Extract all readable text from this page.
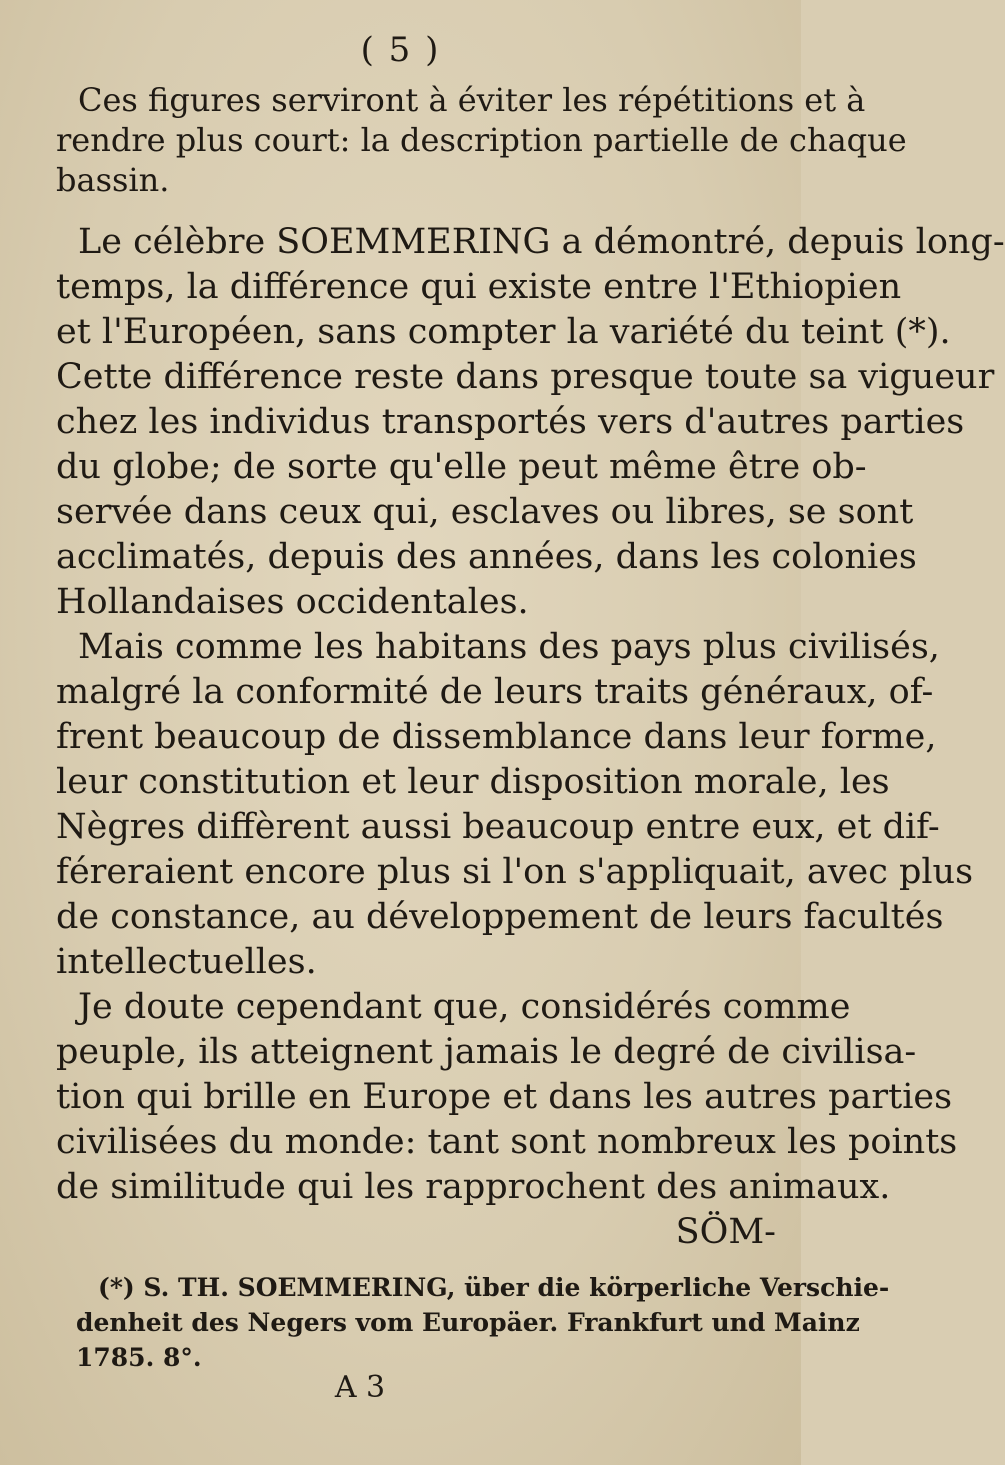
( 5 )
Ces figures serviront à éviter les répétitions et à
rendre plus court: la description partielle de chaque
bassin.
Le célèbre SOEMMERING a démontré, depuis long-
temps, la différence qui existe entre l'Ethiopien
et l'Européen, sans compter la variété du teint (*).
Cette différence reste dans presque toute sa vigueur
chez les individus transportés vers d'autres parties
du globe; de sorte qu'elle peut même être ob-
servée dans ceux qui, esclaves ou libres, se sont
acclimatés, depuis des années, dans les colonies
Hollandaises occidentales.
Mais comme les habitans des pays plus civilisés,
malgré la conformité de leurs traits généraux, of-
frent beaucoup de dissemblance dans leur forme,
leur constitution et leur disposition morale, les
Nègres diffèrent aussi beaucoup entre eux, et dif-
féreraient encore plus si l'on s'appliquait, avec plus
de constance, au développement de leurs facultés
intellectuelles.
Je doute cependant que, considérés comme
peuple, ils atteignent jamais le degré de civilisa-
tion qui brille en Europe et dans les autres parties
civilisées du monde: tant sont nombreux les points
de similitude qui les rapprochent des animaux.
SÖM-
(*) S. TH. SOEMMERING, über die körperliche Verschie-
denheit des Negers vom Europäer. Frankfurt und Mainz
1785. 8°.
A 3
